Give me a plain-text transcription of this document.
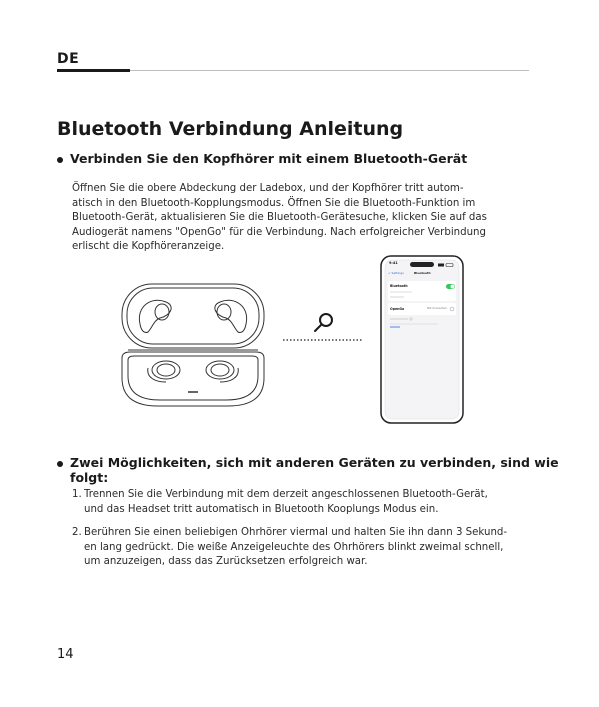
DE
Bluetooth Verbindung Anleitung
Verbinden Sie den Kopfhörer mit einem Bluetooth-Gerät
Öffnen Sie die obere Abdeckung der Ladebox, und der Kopfhörer tritt autom-
atisch in den Bluetooth-Kopplungsmodus. Öffnen Sie die Bluetooth-Funktion im
Bluetooth-Gerät, aktualisieren Sie die Bluetooth-Gerätesuche, klicken Sie auf das
Audiogerät namens "OpenGo" für die Verbindung. Nach erfolgreicher Verbindung
erlischt die Kopfhöreranzeige.
9:41
< Settings	Bluetooth
Bluetooth
OpenGo	Not Connected
Zwei Möglichkeiten, sich mit anderen Geräten zu verbinden, sind wie folgt:
1. Trennen Sie die Verbindung mit dem derzeit angeschlossenen Bluetooth-Gerät,
und das Headset tritt automatisch in Bluetooth Kooplungs Modus ein.
2. Berühren Sie einen beliebigen Ohrhörer viermal und halten Sie ihn dann 3 Sekund-
en lang gedrückt. Die weiße Anzeigeleuchte des Ohrhörers blinkt zweimal schnell,
um anzuzeigen, dass das Zurücksetzen erfolgreich war.
14
